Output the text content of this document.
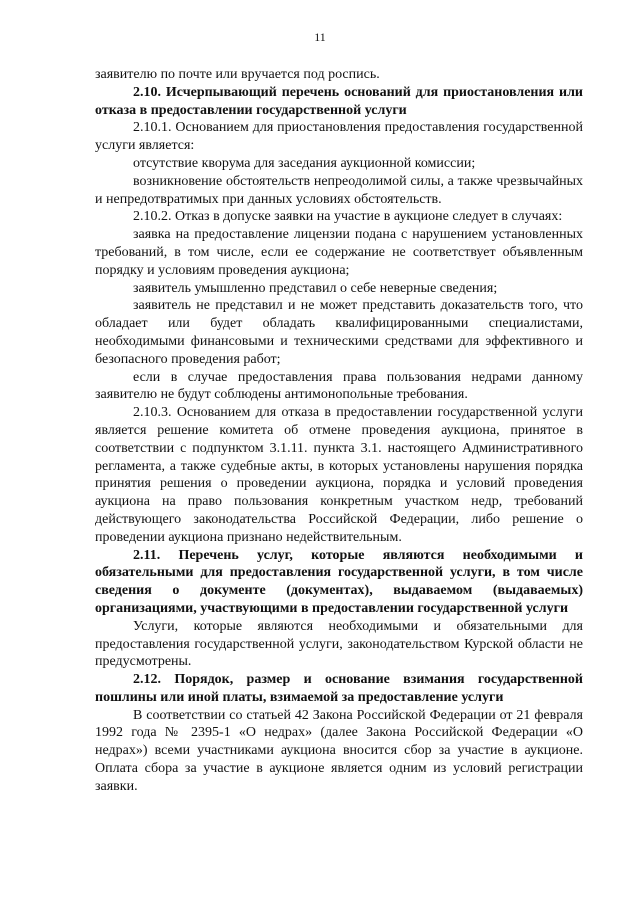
11

заявителю по почте или вручается под роспись.

2.10. Исчерпывающий перечень оснований для приостановления или отказа в предоставлении государственной услуги

2.10.1. Основанием для приостановления предоставления государственной услуги является:

отсутствие кворума для заседания аукционной комиссии;

возникновение обстоятельств непреодолимой силы, а также чрезвычайных и непредотвратимых при данных условиях обстоятельств.

2.10.2. Отказ в допуске заявки на участие в аукционе следует в случаях:

заявка на предоставление лицензии подана с нарушением установленных требований, в том числе, если ее содержание не соответствует объявленным порядку и условиям проведения аукциона;

заявитель умышленно представил о себе неверные сведения;

заявитель не представил и не может представить доказательств того, что обладает или будет обладать квалифицированными специалистами, необходимыми финансовыми и техническими средствами для эффективного и безопасного проведения работ;

если в случае предоставления права пользования недрами данному заявителю не будут соблюдены антимонопольные требования.

2.10.3. Основанием для отказа в предоставлении государственной услуги является решение комитета об отмене проведения аукциона, принятое в соответствии с подпунктом 3.1.11. пункта 3.1. настоящего Административного регламента, а также судебные акты, в которых установлены нарушения порядка принятия решения о проведении аукциона, порядка и условий проведения аукциона на право пользования конкретным участком недр, требований действующего законодательства Российской Федерации, либо решение о проведении аукциона признано недействительным.

2.11. Перечень услуг, которые являются необходимыми и обязательными для предоставления государственной услуги, в том числе сведения о документе (документах), выдаваемом (выдаваемых) организациями, участвующими в предоставлении государственной услуги

Услуги, которые являются необходимыми и обязательными для предоставления государственной услуги, законодательством Курской области не предусмотрены.

2.12. Порядок, размер и основание взимания государственной пошлины или иной платы, взимаемой за предоставление услуги

В соответствии со статьей 42 Закона Российской Федерации от 21 февраля 1992 года № 2395-1 «О недрах» (далее Закона Российской Федерации «О недрах») всеми участниками аукциона вносится сбор за участие в аукционе. Оплата сбора за участие в аукционе является одним из условий регистрации заявки.
